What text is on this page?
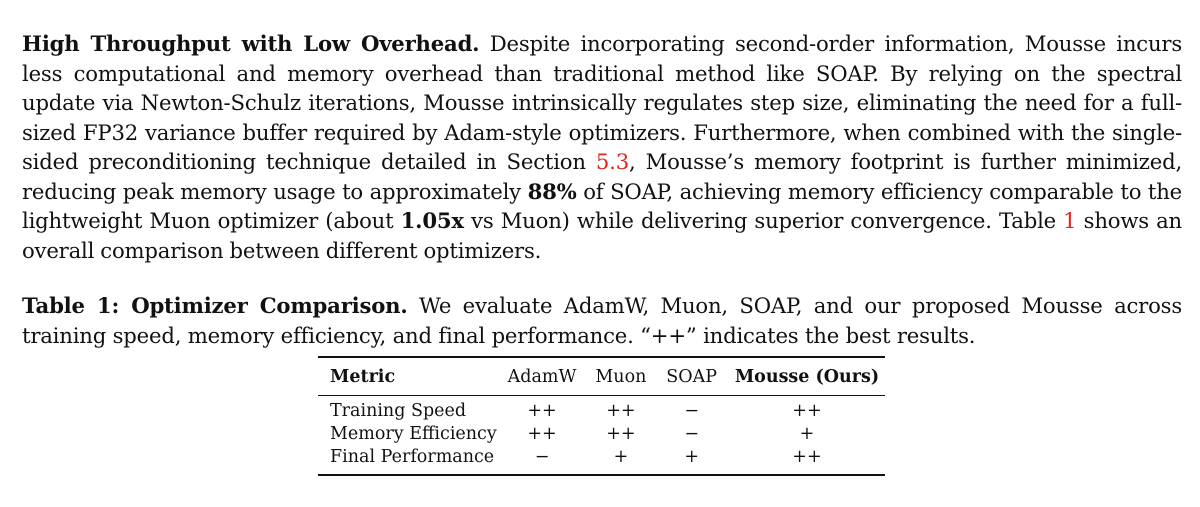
High Throughput with Low Overhead. Despite incorporating second-order information, Mousse incurs less computational and memory overhead than traditional method like SOAP. By relying on the spectral update via Newton-Schulz iterations, Mousse intrinsically regulates step size, eliminating the need for a full-sized FP32 variance buffer required by Adam-style optimizers. Furthermore, when combined with the single-sided preconditioning technique detailed in Section 5.3, Mousse’s memory footprint is further minimized, reducing peak memory usage to approximately 88% of SOAP, achieving memory efficiency comparable to the lightweight Muon optimizer (about 1.05x vs Muon) while delivering superior convergence. Table 1 shows an overall comparison between different optimizers.

Table 1: Optimizer Comparison. We evaluate AdamW, Muon, SOAP, and our proposed Mousse across training speed, memory efficiency, and final performance. “++” indicates the best results.

Metric	AdamW	Muon	SOAP	Mousse (Ours)
Training Speed	++	++	−	++
Memory Efficiency	++	++	−	+
Final Performance	−	+	+	++
